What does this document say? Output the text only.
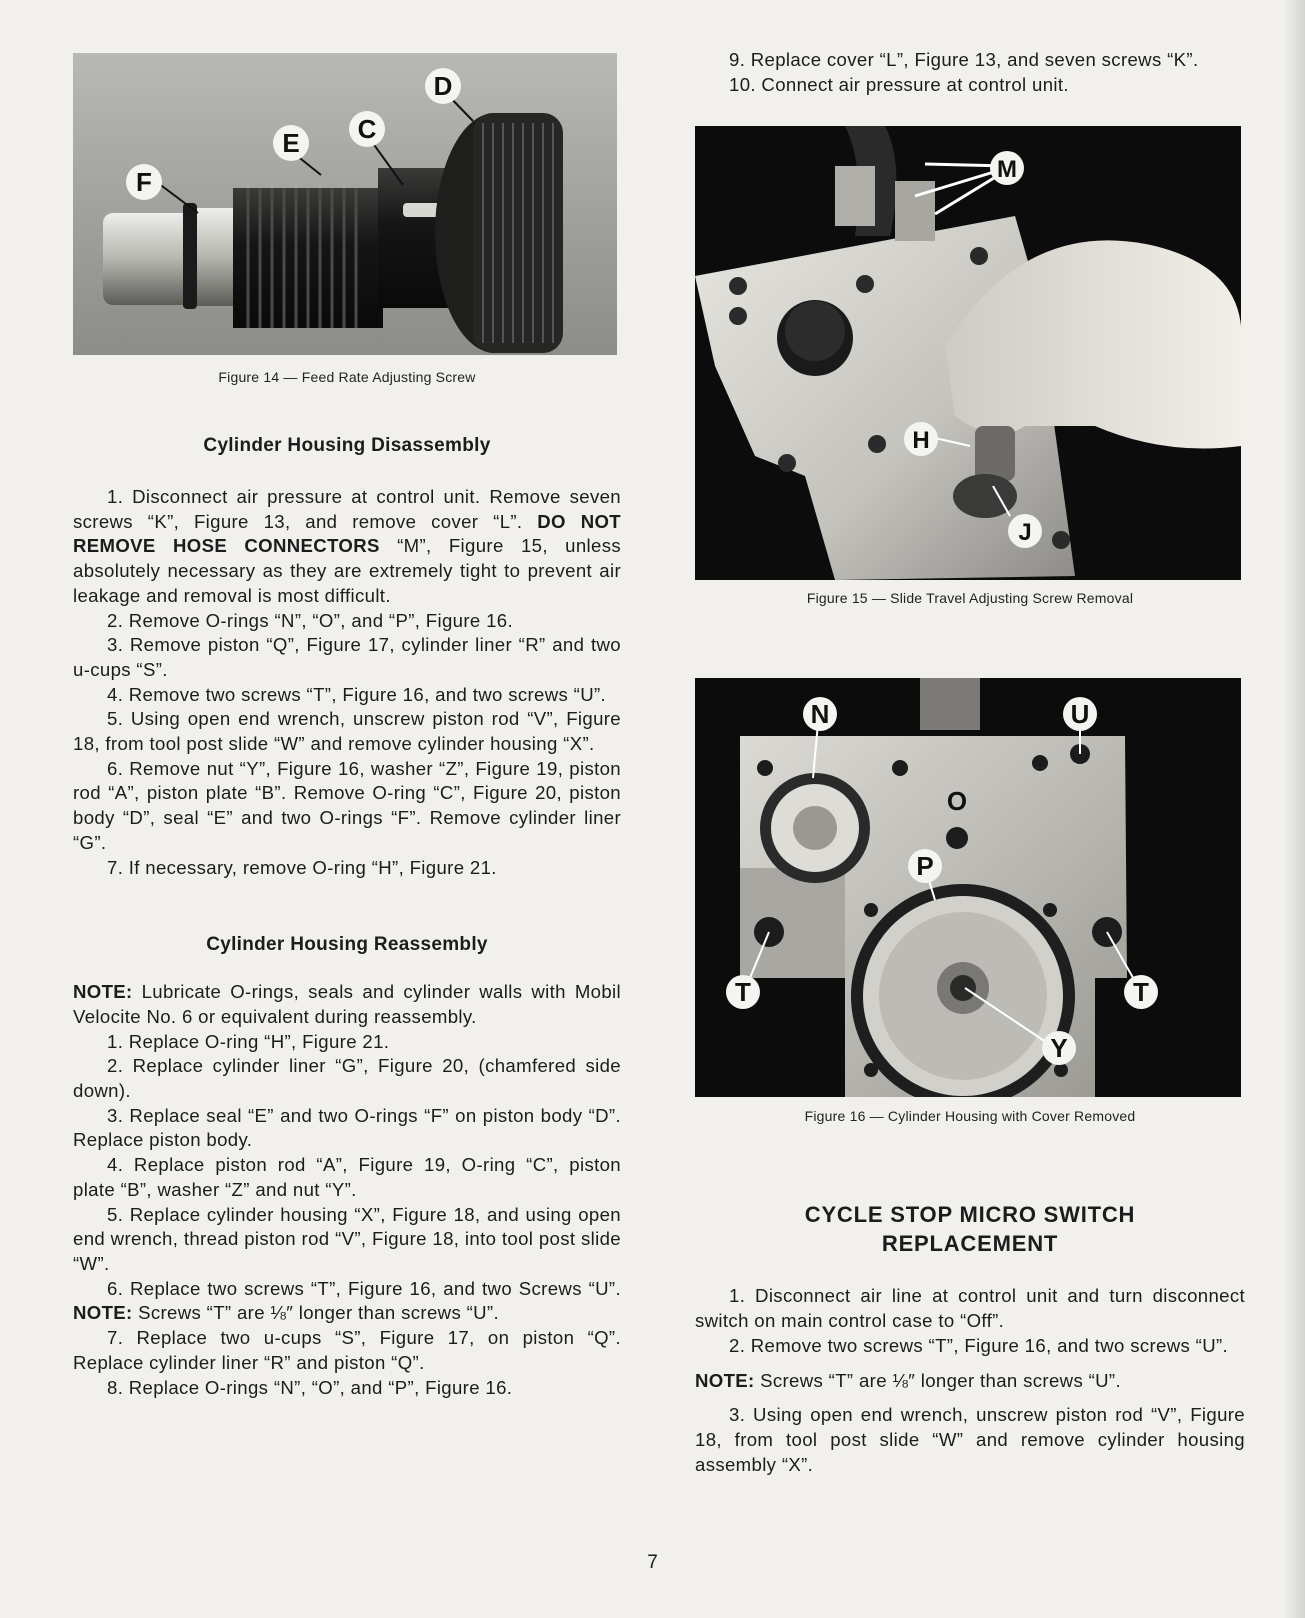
D
E C
F
Figure 14 — Feed Rate Adjusting Screw
Cylinder Housing Disassembly

1. Disconnect air pressure at control unit. Remove seven screws “K”, Figure 13, and remove cover “L”. DO NOT REMOVE HOSE CONNECTORS “M”, Figure 15, unless absolutely necessary as they are extremely tight to prevent air leakage and removal is most difficult.

2. Remove O-rings “N”, “O”, and “P”, Figure 16.

3. Remove piston “Q”, Figure 17, cylinder liner “R” and two u-cups “S”.

4. Remove two screws “T”, Figure 16, and two screws “U”.

5. Using open end wrench, unscrew piston rod “V”, Figure 18, from tool post slide “W” and remove cylinder housing “X”.

6. Remove nut “Y”, Figure 16, washer “Z”, Figure 19, piston rod “A”, piston plate “B”. Remove O-ring “C”, Figure 20, piston body “D”, seal “E” and two O-rings “F”. Remove cylinder liner “G”.

7. If necessary, remove O-ring “H”, Figure 21.

Cylinder Housing Reassembly

NOTE: Lubricate O-rings, seals and cylinder walls with Mobil Velocite No. 6 or equivalent during reassembly.

1. Replace O-ring “H”, Figure 21.

2. Replace cylinder liner “G”, Figure 20, (chamfered side down).

3. Replace seal “E” and two O-rings “F” on piston body “D”. Replace piston body.

4. Replace piston rod “A”, Figure 19, O-ring “C”, piston plate “B”, washer “Z” and nut “Y”.

5. Replace cylinder housing “X”, Figure 18, and using open end wrench, thread piston rod “V”, Figure 18, into tool post slide “W”.

6. Replace two screws “T”, Figure 16, and two Screws “U”. NOTE: Screws “T” are ⅛″ longer than screws “U”.

7. Replace two u-cups “S”, Figure 17, on piston “Q”. Replace cylinder liner “R” and piston “Q”.

8. Replace O-rings “N”, “O”, and “P”, Figure 16.

9. Replace cover “L”, Figure 13, and seven screws “K”.

10. Connect air pressure at control unit.

M
H
J
Figure 15 — Slide Travel Adjusting Screw Removal
N	U
O
P
T	T
Y
Figure 16 — Cylinder Housing with Cover Removed
CYCLE STOP MICRO SWITCH
REPLACEMENT

1. Disconnect air line at control unit and turn disconnect switch on main control case to “Off”.

2. Remove two screws “T”, Figure 16, and two screws “U”.

NOTE: Screws “T” are ⅛″ longer than screws “U”.

3. Using open end wrench, unscrew piston rod “V”, Figure 18, from tool post slide “W” and remove cylinder housing assembly “X”.

7
